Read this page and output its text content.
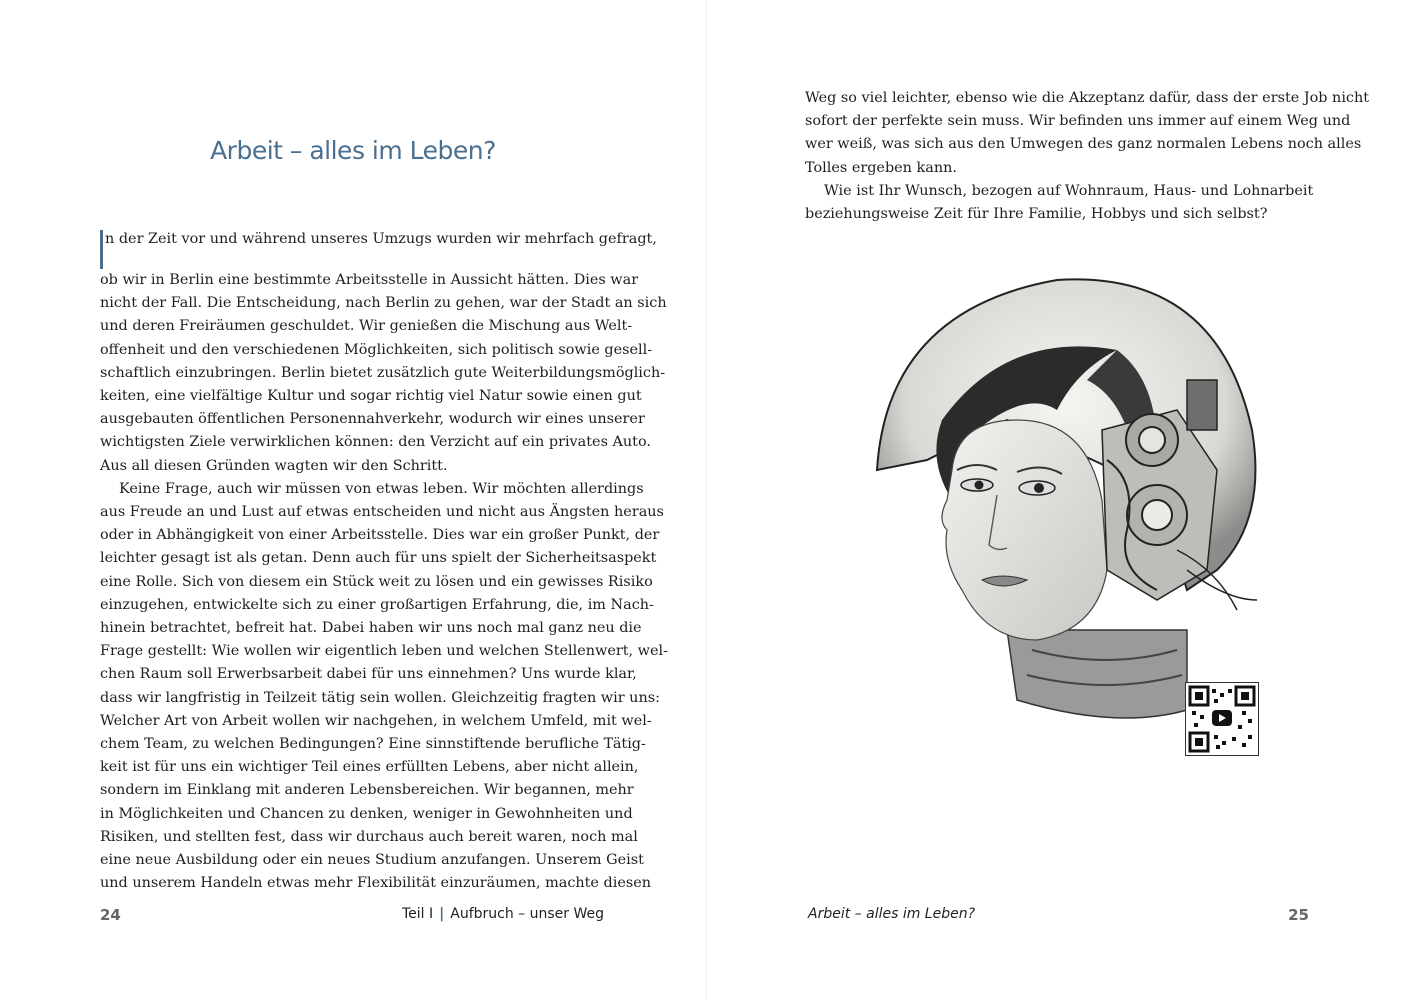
Arbeit – alles im Leben?

n der Zeit vor und während unseres Umzugs wurden wir mehrfach gefragt,

ob wir in Berlin eine bestimmte Arbeitsstelle in Aussicht hätten. Dies war

nicht der Fall. Die Entscheidung, nach Berlin zu gehen, war der Stadt an sich

und deren Freiräumen geschuldet. Wir genießen die Mischung aus Welt-

offenheit und den verschiedenen Möglichkeiten, sich politisch sowie gesell-

schaftlich einzubringen. Berlin bietet zusätzlich gute Weiterbildungsmöglich-

keiten, eine vielfältige Kultur und sogar richtig viel Natur sowie einen gut

ausgebauten öffentlichen Personennahverkehr, wodurch wir eines unserer

wichtigsten Ziele verwirklichen können: den Verzicht auf ein privates Auto.

Aus all diesen Gründen wagten wir den Schritt.

Keine Frage, auch wir müssen von etwas leben. Wir möchten allerdings

aus Freude an und Lust auf etwas entscheiden und nicht aus Ängsten heraus

oder in Abhängigkeit von einer Arbeitsstelle. Dies war ein großer Punkt, der

leichter gesagt ist als getan. Denn auch für uns spielt der Sicherheitsaspekt

eine Rolle. Sich von diesem ein Stück weit zu lösen und ein gewisses Risiko

einzugehen, entwickelte sich zu einer großartigen Erfahrung, die, im Nach-

hinein betrachtet, befreit hat. Dabei haben wir uns noch mal ganz neu die

Frage gestellt: Wie wollen wir eigentlich leben und welchen Stellenwert, wel-

chen Raum soll Erwerbsarbeit dabei für uns einnehmen? Uns wurde klar,

dass wir langfristig in Teilzeit tätig sein wollen. Gleichzeitig fragten wir uns:

Welcher Art von Arbeit wollen wir nachgehen, in welchem Umfeld, mit wel-

chem Team, zu welchen Bedingungen? Eine sinnstiftende berufliche Tätig-

keit ist für uns ein wichtiger Teil eines erfüllten Lebens, aber nicht allein,

sondern im Einklang mit anderen Lebensbereichen. Wir begannen, mehr

in Möglichkeiten und Chancen zu denken, weniger in Gewohnheiten und

Risiken, und stellten fest, dass wir durchaus auch bereit waren, noch mal

eine neue Ausbildung oder ein neues Studium anzufangen. Unserem Geist

und unserem Handeln etwas mehr Flexibilität einzuräumen, machte diesen

24	Teil I | Aufbruch – unser Weg

Weg so viel leichter, ebenso wie die Akzeptanz dafür, dass der erste Job nicht

sofort der perfekte sein muss. Wir befinden uns immer auf einem Weg und

wer weiß, was sich aus den Umwegen des ganz normalen Lebens noch alles

Tolles ergeben kann.

Wie ist Ihr Wunsch, bezogen auf Wohnraum, Haus- und Lohnarbeit

beziehungsweise Zeit für Ihre Familie, Hobbys und sich selbst?

Arbeit – alles im Leben?	25
